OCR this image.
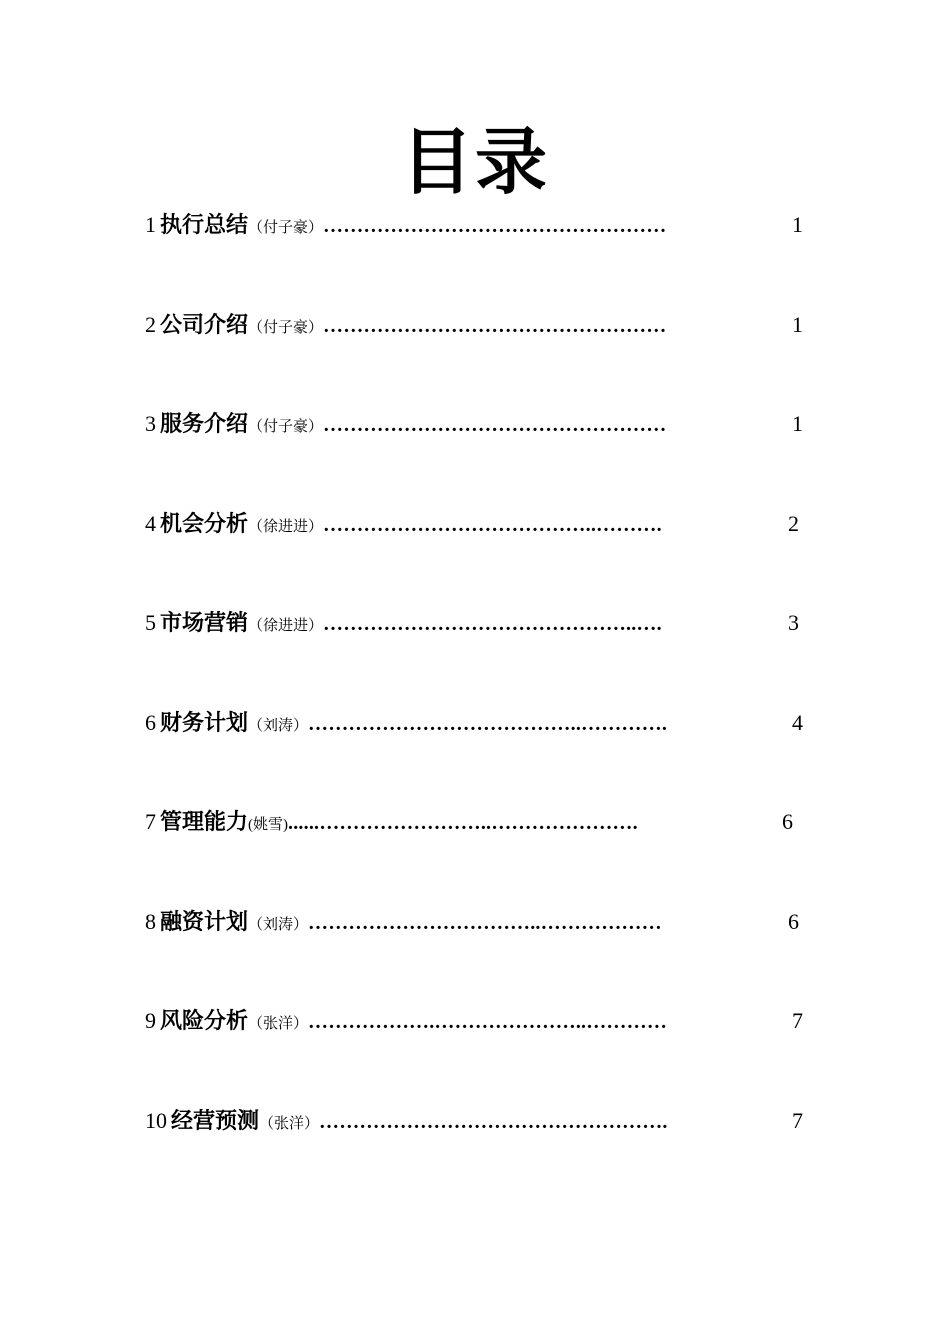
目录
1 执行总结（付子豪）……………………………………………	1
2 公司介绍（付子豪）……………………………………………	1
3 服务介绍（付子豪）……………………………………………	1
4 机会分析（徐进进）…………………………………..……….	2
5 市场营销（徐进进）………………………………………..….	3
6 财务计划（刘涛）…………………………………..………….	4
7 管理能力(姚雪)......……………………..………………….	6
8 融资计划（刘涛）……………………………..………………	6
9 风险分析（张洋）……………….…………………..…………	7
10 经营预测（张洋）…………………………………………….	7
